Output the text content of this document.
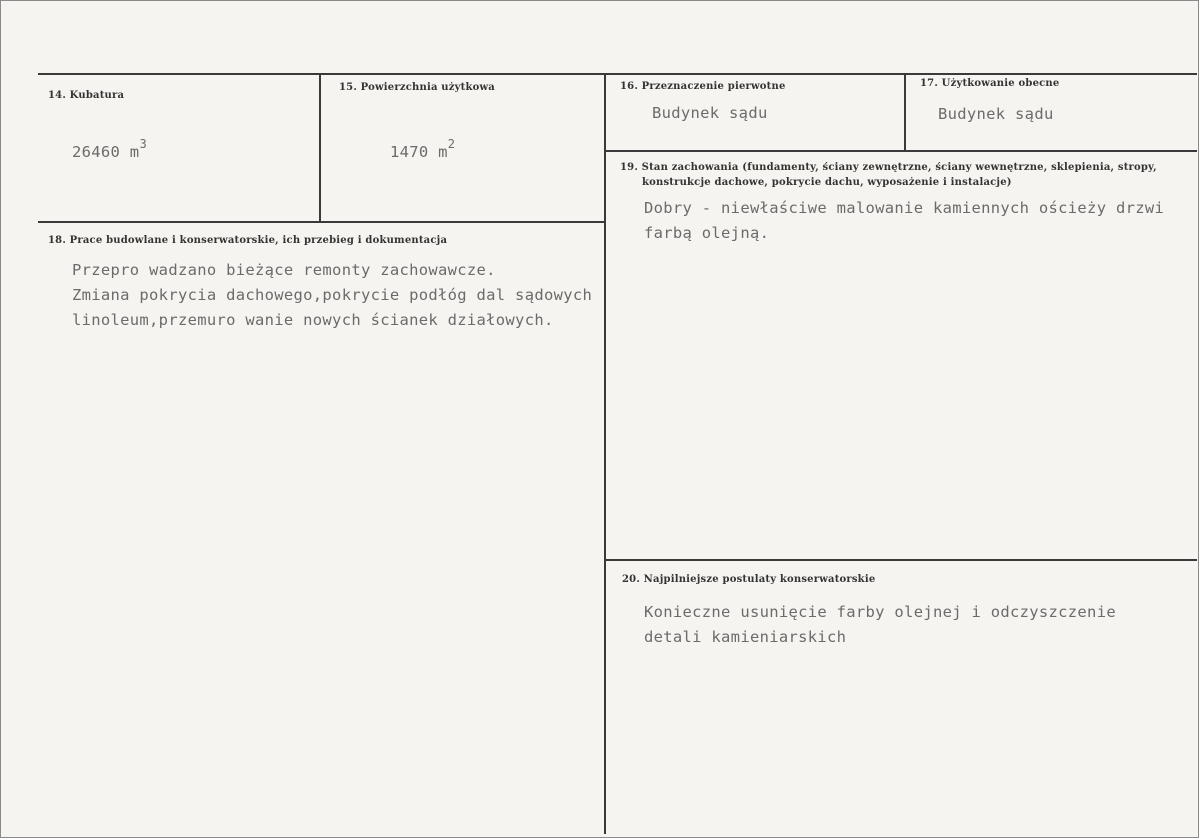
14. Kubatura
26460 $m^3$
15. Powierzchnia użytkowa
1470 $m^2$
16. Przeznaczenie pierwotne
Budynek sądu
17. Użytkowanie obecne
Budynek sądu
19. Stan zachowania (fundamenty, ściany zewnętrzne, ściany wewnętrzne, sklepienia, stropy,
konstrukcje dachowe, pokrycie dachu, wyposażenie i instalacje)
Dobry - niewłaściwe malowanie kamiennych ościeży drzwi
farbą olejną.
18. Prace budowlane i konserwatorskie, ich przebieg i dokumentacja
Przepro wadzano bieżące remonty zachowawcze.
Zmiana pokrycia dachowego,pokrycie podłóg dal sądowych
linoleum,przemuro wanie nowych ścianek działowych.
20. Najpilniejsze postulaty konserwatorskie
Konieczne usunięcie farby olejnej i odczyszczenie
detali kamieniarskich
